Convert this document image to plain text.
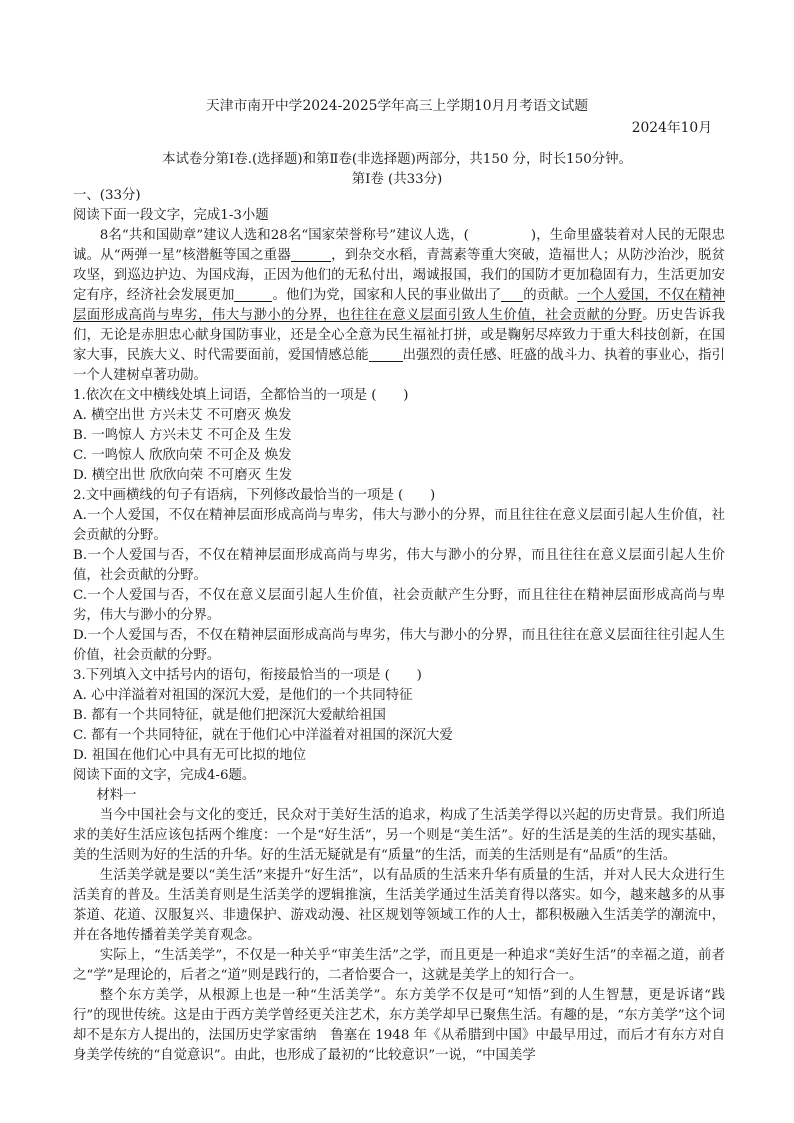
天津市南开中学2024-2025学年高三上学期10月月考语文试题
2024年10月
本试卷分第Ⅰ卷.(选择题)和第Ⅱ卷(非选择题)两部分，共150 分，时长150分钟。
第Ⅰ卷 (共33分)

一、(33分)

阅读下面一段文字，完成1-3小题

8名“共和国勋章”建议人选和28名“国家荣誉称号”建议人选，(	)，生命里盛装着对人民的无限忠诚。从“两弹一星”核潜艇等国之重器	，到杂交水稻，青蒿素等重大突破，造福世人；从防沙治沙，脱贫攻坚，到巡边护边、为国戍海，正因为他们的无私付出，竭诚报国，我们的国防才更加稳固有力，生活更加安定有序，经济社会发展更加	。他们为党，国家和人民的事业做出了 的贡献。一个人爱国，不仅在精神层面形成高尚与卑劣，伟大与渺小的分界，也往往在意义层面引致人生价值，社会贡献的分野。历史告诉我们，无论是赤胆忠心献身国防事业，还是全心全意为民生福祉打拼，或是鞠躬尽瘁致力于重大科技创新，在国家大事，民族大义、时代需要面前，爱国情感总能	出强烈的责任感、旺盛的战斗力、执着的事业心，指引一个人建树卓著功勋。

1.依次在文中横线处填上词语，全都恰当的一项是 (　　)

A. 横空出世 方兴未艾 不可磨灭 焕发

B. 一鸣惊人 方兴未艾 不可企及 生发

C. 一鸣惊人 欣欣向荣 不可企及 焕发

D. 横空出世 欣欣向荣 不可磨灭 生发

2.文中画横线的句子有语病，下列修改最恰当的一项是 (　　)

A.一个人爱国，不仅在精神层面形成高尚与卑劣，伟大与渺小的分界，而且往往在意义层面引起人生价值，社会贡献的分野。

B.一个人爱国与否，不仅在精神层面形成高尚与卑劣，伟大与渺小的分界，而且往往在意义层面引起人生价值，社会贡献的分野。

C.一个人爱国与否，不仅在意义层面引起人生价值，社会贡献产生分野，而且往往在精神层面形成高尚与卑劣，伟大与渺小的分界。

D.一个人爱国与否，不仅在精神层面形成高尚与卑劣，伟大与渺小的分界，而且往往在意义层面往往引起人生价值，社会贡献的分野。

3.下列填入文中括号内的语句，衔接最恰当的一项是 (　　)

A. 心中洋溢着对祖国的深沉大爱，是他们的一个共同特征

B. 都有一个共同特征，就是他们把深沉大爱献给祖国

C. 都有一个共同特征，就在于他们心中洋溢着对祖国的深沉大爱

D. 祖国在他们心中具有无可比拟的地位

阅读下面的文字，完成4-6题。

材料一

当今中国社会与文化的变迁，民众对于美好生活的追求，构成了生活美学得以兴起的历史背景。我们所追求的美好生活应该包括两个维度：一个是“好生活”，另一个则是“美生活”。好的生活是美的生活的现实基础，美的生活则为好的生活的升华。好的生活无疑就是有“质量”的生活，而美的生活则是有“品质”的生活。

生活美学就是要以“美生活”来提升“好生活”，以有品质的生活来升华有质量的生活，并对人民大众进行生活美育的普及。生活美育则是生活美学的逻辑推演，生活美学通过生活美育得以落实。如今，越来越多的从事茶道、花道、汉服复兴、非遗保护、游戏动漫、社区规划等领域工作的人士，都积极融入生活美学的潮流中，并在各地传播着美学美育观念。

实际上，“生活美学”，不仅是一种关乎“审美生活”之学，而且更是一种追求“美好生活”的幸福之道，前者之“学”是理论的，后者之“道”则是践行的，二者恰要合一，这就是美学上的知行合一。

整个东方美学，从根源上也是一种“生活美学”。东方美学不仅是可“知悟”到的人生智慧，更是诉诸“践行”的现世传统。这是由于西方美学曾经更关注艺术，东方美学却早已聚焦生活。有趣的是，“东方美学”这个词却不是东方人提出的，法国历史学家雷纳　鲁塞在 1948 年《从希腊到中国》中最早用过，而后才有东方对自身美学传统的“自觉意识”。由此，也形成了最初的“比较意识”一说，“中国美学
